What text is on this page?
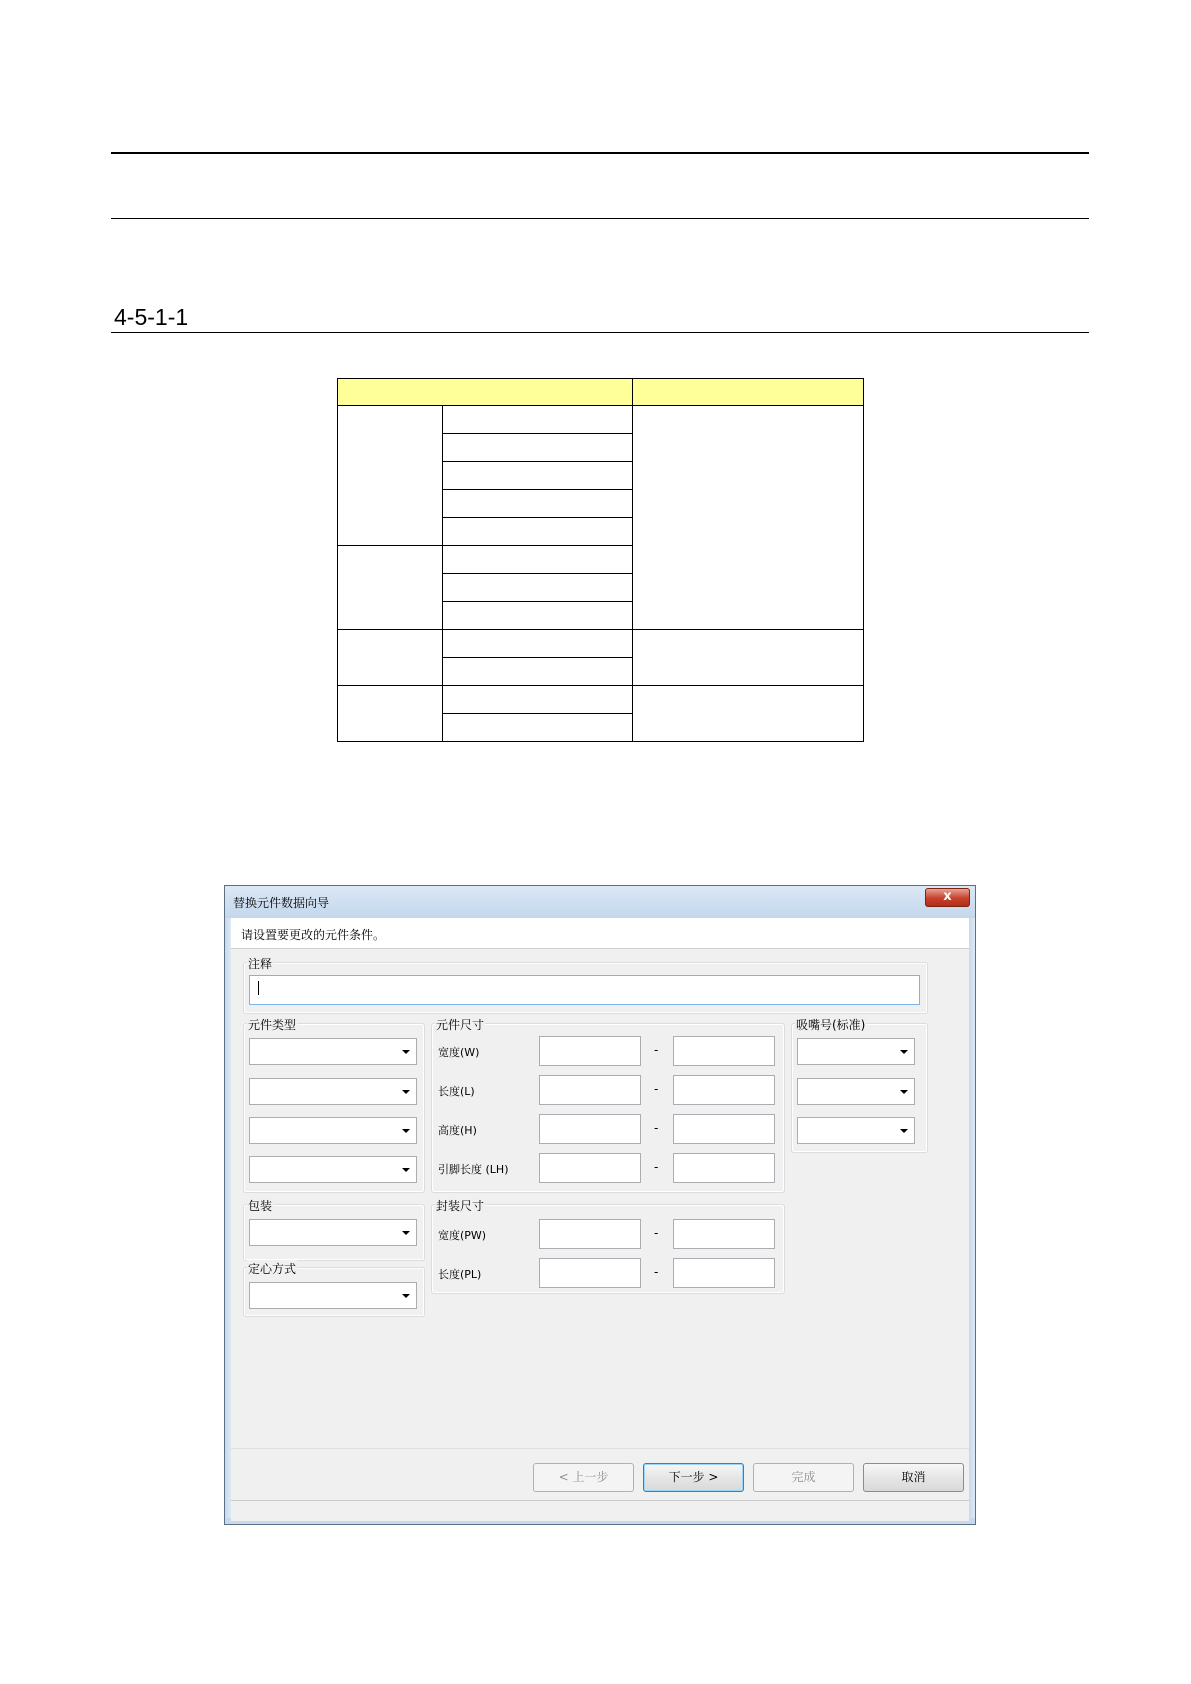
4-5-1-1

替换元件数据向导	x
请设置要更改的元件条件。
注释
元件类型	元件尺寸
宽度(W)	-
长度(L)	-
高度(H)	-
引脚长度 (LH)	-
吸嘴号(标准)
包装
定心方式
封装尺寸
宽度(PW)	-
长度(PL)	-
< 上一步	下一步 >	完成	取消
